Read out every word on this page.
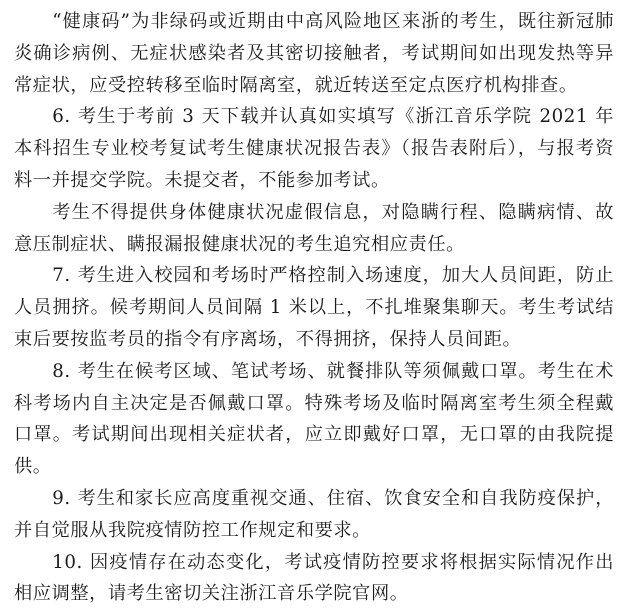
“健康码”为非绿码或近期由中高风险地区来浙的考生，既往新冠肺炎确诊病例、无症状感染者及其密切接触者，考试期间如出现发热等异常症状，应受控转移至临时隔离室，就近转送至定点医疗机构排查。

6. 考生于考前 3 天下载并认真如实填写《浙江音乐学院 2021 年本科招生专业校考复试考生健康状况报告表》（报告表附后），与报考资料一并提交学院。未提交者，不能参加考试。

考生不得提供身体健康状况虚假信息，对隐瞒行程、隐瞒病情、故意压制症状、瞒报漏报健康状况的考生追究相应责任。

7. 考生进入校园和考场时严格控制入场速度，加大人员间距，防止人员拥挤。候考期间人员间隔 1 米以上，不扎堆聚集聊天。考生考试结束后要按监考员的指令有序离场，不得拥挤，保持人员间距。

8. 考生在候考区域、笔试考场、就餐排队等须佩戴口罩。考生在术科考场内自主决定是否佩戴口罩。特殊考场及临时隔离室考生须全程戴口罩。考试期间出现相关症状者，应立即戴好口罩，无口罩的由我院提供。

9. 考生和家长应高度重视交通、住宿、饮食安全和自我防疫保护，并自觉服从我院疫情防控工作规定和要求。

10. 因疫情存在动态变化，考试疫情防控要求将根据实际情况作出相应调整，请考生密切关注浙江音乐学院官网。
